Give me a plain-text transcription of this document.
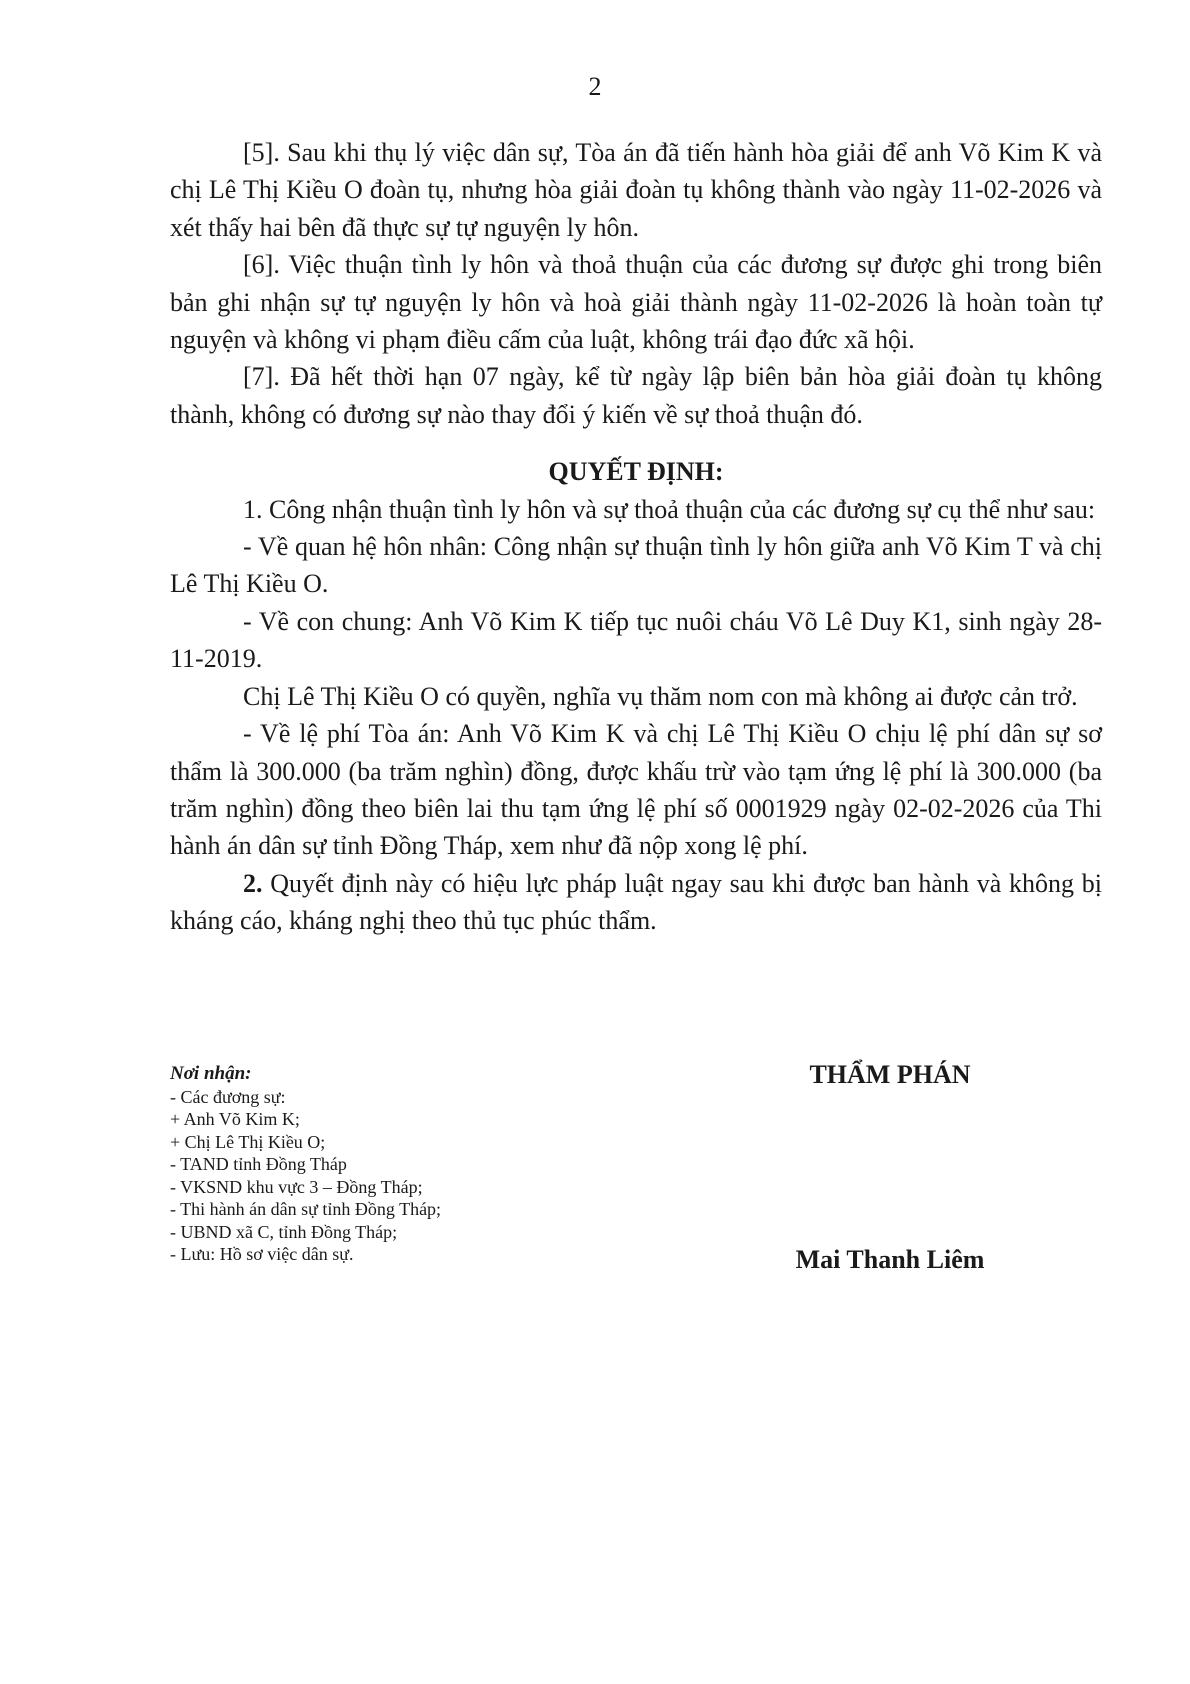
2

[5]. Sau khi thụ lý việc dân sự, Tòa án đã tiến hành hòa giải để anh Võ Kim K và chị Lê Thị Kiều O đoàn tụ, nhưng hòa giải đoàn tụ không thành vào ngày 11-02-2026 và xét thấy hai bên đã thực sự tự nguyện ly hôn.

[6]. Việc thuận tình ly hôn và thoả thuận của các đương sự được ghi trong biên bản ghi nhận sự tự nguyện ly hôn và hoà giải thành ngày 11-02-2026 là hoàn toàn tự nguyện và không vi phạm điều cấm của luật, không trái đạo đức xã hội.

[7]. Đã hết thời hạn 07 ngày, kể từ ngày lập biên bản hòa giải đoàn tụ không thành, không có đương sự nào thay đổi ý kiến về sự thoả thuận đó.

QUYẾT ĐỊNH:

1. Công nhận thuận tình ly hôn và sự thoả thuận của các đương sự cụ thể như sau:

- Về quan hệ hôn nhân: Công nhận sự thuận tình ly hôn giữa anh Võ Kim T và chị Lê Thị Kiều O.

- Về con chung: Anh Võ Kim K tiếp tục nuôi cháu Võ Lê Duy K1, sinh ngày 28-11-2019.

Chị Lê Thị Kiều O có quyền, nghĩa vụ thăm nom con mà không ai được cản trở.

- Về lệ phí Tòa án: Anh Võ Kim K và chị Lê Thị Kiều O chịu lệ phí dân sự sơ thẩm là 300.000 (ba trăm nghìn) đồng, được khấu trừ vào tạm ứng lệ phí là 300.000 (ba trăm nghìn) đồng theo biên lai thu tạm ứng lệ phí số 0001929 ngày 02-02-2026 của Thi hành án dân sự tỉnh Đồng Tháp, xem như đã nộp xong lệ phí.

2. Quyết định này có hiệu lực pháp luật ngay sau khi được ban hành và không bị kháng cáo, kháng nghị theo thủ tục phúc thẩm.

Nơi nhận:
- Các đương sự:
+ Anh Võ Kim K;
+ Chị Lê Thị Kiều O;
- TAND tỉnh Đồng Tháp
- VKSND khu vực 3 – Đồng Tháp;
- Thi hành án dân sự tỉnh Đồng Tháp;
- UBND xã C, tỉnh Đồng Tháp;
- Lưu: Hồ sơ việc dân sự.
THẨM PHÁN
Mai Thanh Liêm
